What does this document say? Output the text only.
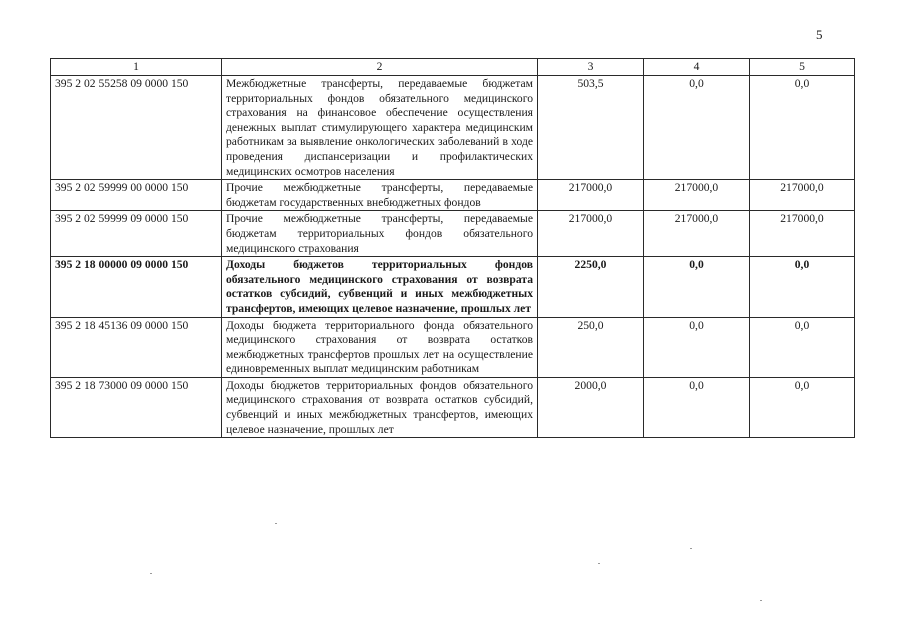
5
1	2	3	4	5
395 2 02 55258 09 0000 150	Межбюджетные трансферты, передаваемые бюджетам территориальных фондов обязательного медицинского страхования на финансовое обеспечение осуществления денежных выплат стимулирующего характера медицинским работникам за выявление онкологических заболеваний в ходе проведения диспансеризации и профилактических медицинских осмотров населения	503,5	0,0	0,0
395 2 02 59999 00 0000 150	Прочие межбюджетные трансферты, передаваемые бюджетам государственных внебюджетных фондов	217000,0	217000,0	217000,0
395 2 02 59999 09 0000 150	Прочие межбюджетные трансферты, передаваемые бюджетам территориальных фондов обязательного медицинского страхования	217000,0	217000,0	217000,0
395 2 18 00000 09 0000 150	Доходы бюджетов территориальных фондов обязательного медицинского страхования от возврата остатков субсидий, субвенций и иных межбюджетных трансфертов, имеющих целевое назначение, прошлых лет	2250,0	0,0	0,0
395 2 18 45136 09 0000 150	Доходы бюджета территориального фонда обязательного медицинского страхования от возврата остатков межбюджетных трансфертов прошлых лет на осуществление единовременных выплат медицинским работникам	250,0	0,0	0,0
395 2 18 73000 09 0000 150	Доходы бюджетов территориальных фондов обязательного медицинского страхования от возврата остатков субсидий, субвенций и иных межбюджетных трансфертов, имеющих целевое назначение, прошлых лет	2000,0	0,0	0,0
